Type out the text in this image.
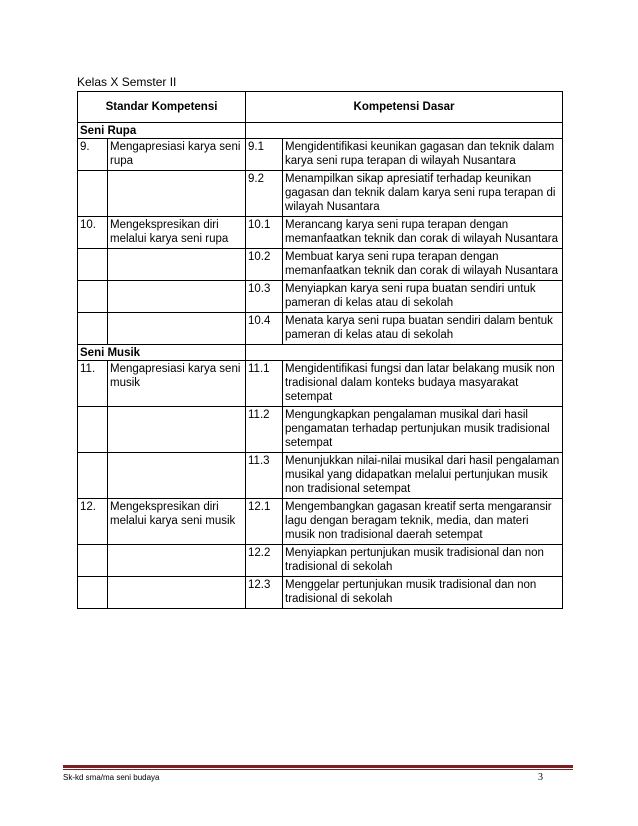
Kelas X Semster II
Standar Kompetensi		Kompetensi Dasar	
Seni Rupa			
9.	Mengapresiasi karya seni rupa	9.1	Mengidentifikasi keunikan gagasan dan teknik dalam karya seni rupa terapan di wilayah Nusantara
		9.2	Menampilkan sikap apresiatif terhadap keunikan gagasan dan teknik dalam karya seni rupa terapan di wilayah Nusantara
10.	Mengekspresikan diri melalui karya seni rupa	10.1	Merancang karya seni rupa terapan dengan memanfaatkan teknik dan corak di wilayah Nusantara
		10.2	Membuat karya seni rupa terapan dengan memanfaatkan teknik dan corak di wilayah Nusantara
		10.3	Menyiapkan karya seni rupa buatan sendiri untuk pameran di kelas atau di sekolah
		10.4	Menata karya seni rupa buatan sendiri dalam bentuk pameran di kelas atau di sekolah
Seni Musik			
11.	Mengapresiasi karya seni musik	11.1	Mengidentifikasi fungsi dan latar belakang musik non tradisional dalam konteks budaya masyarakat setempat
		11.2	Mengungkapkan pengalaman musikal dari hasil pengamatan terhadap pertunjukan musik tradisional setempat
		11.3	Menunjukkan nilai-nilai musikal dari hasil pengalaman musikal yang didapatkan melalui pertunjukan musik non tradisional setempat
12.	Mengekspresikan diri melalui karya seni musik	12.1	Mengembangkan gagasan kreatif serta mengaransir lagu dengan beragam teknik, media, dan materi musik non tradisional daerah setempat
		12.2	Menyiapkan pertunjukan musik tradisional dan non tradisional di sekolah
		12.3	Menggelar pertunjukan musik tradisional dan non tradisional di sekolah
Sk-kd sma/ma seni budaya	3
